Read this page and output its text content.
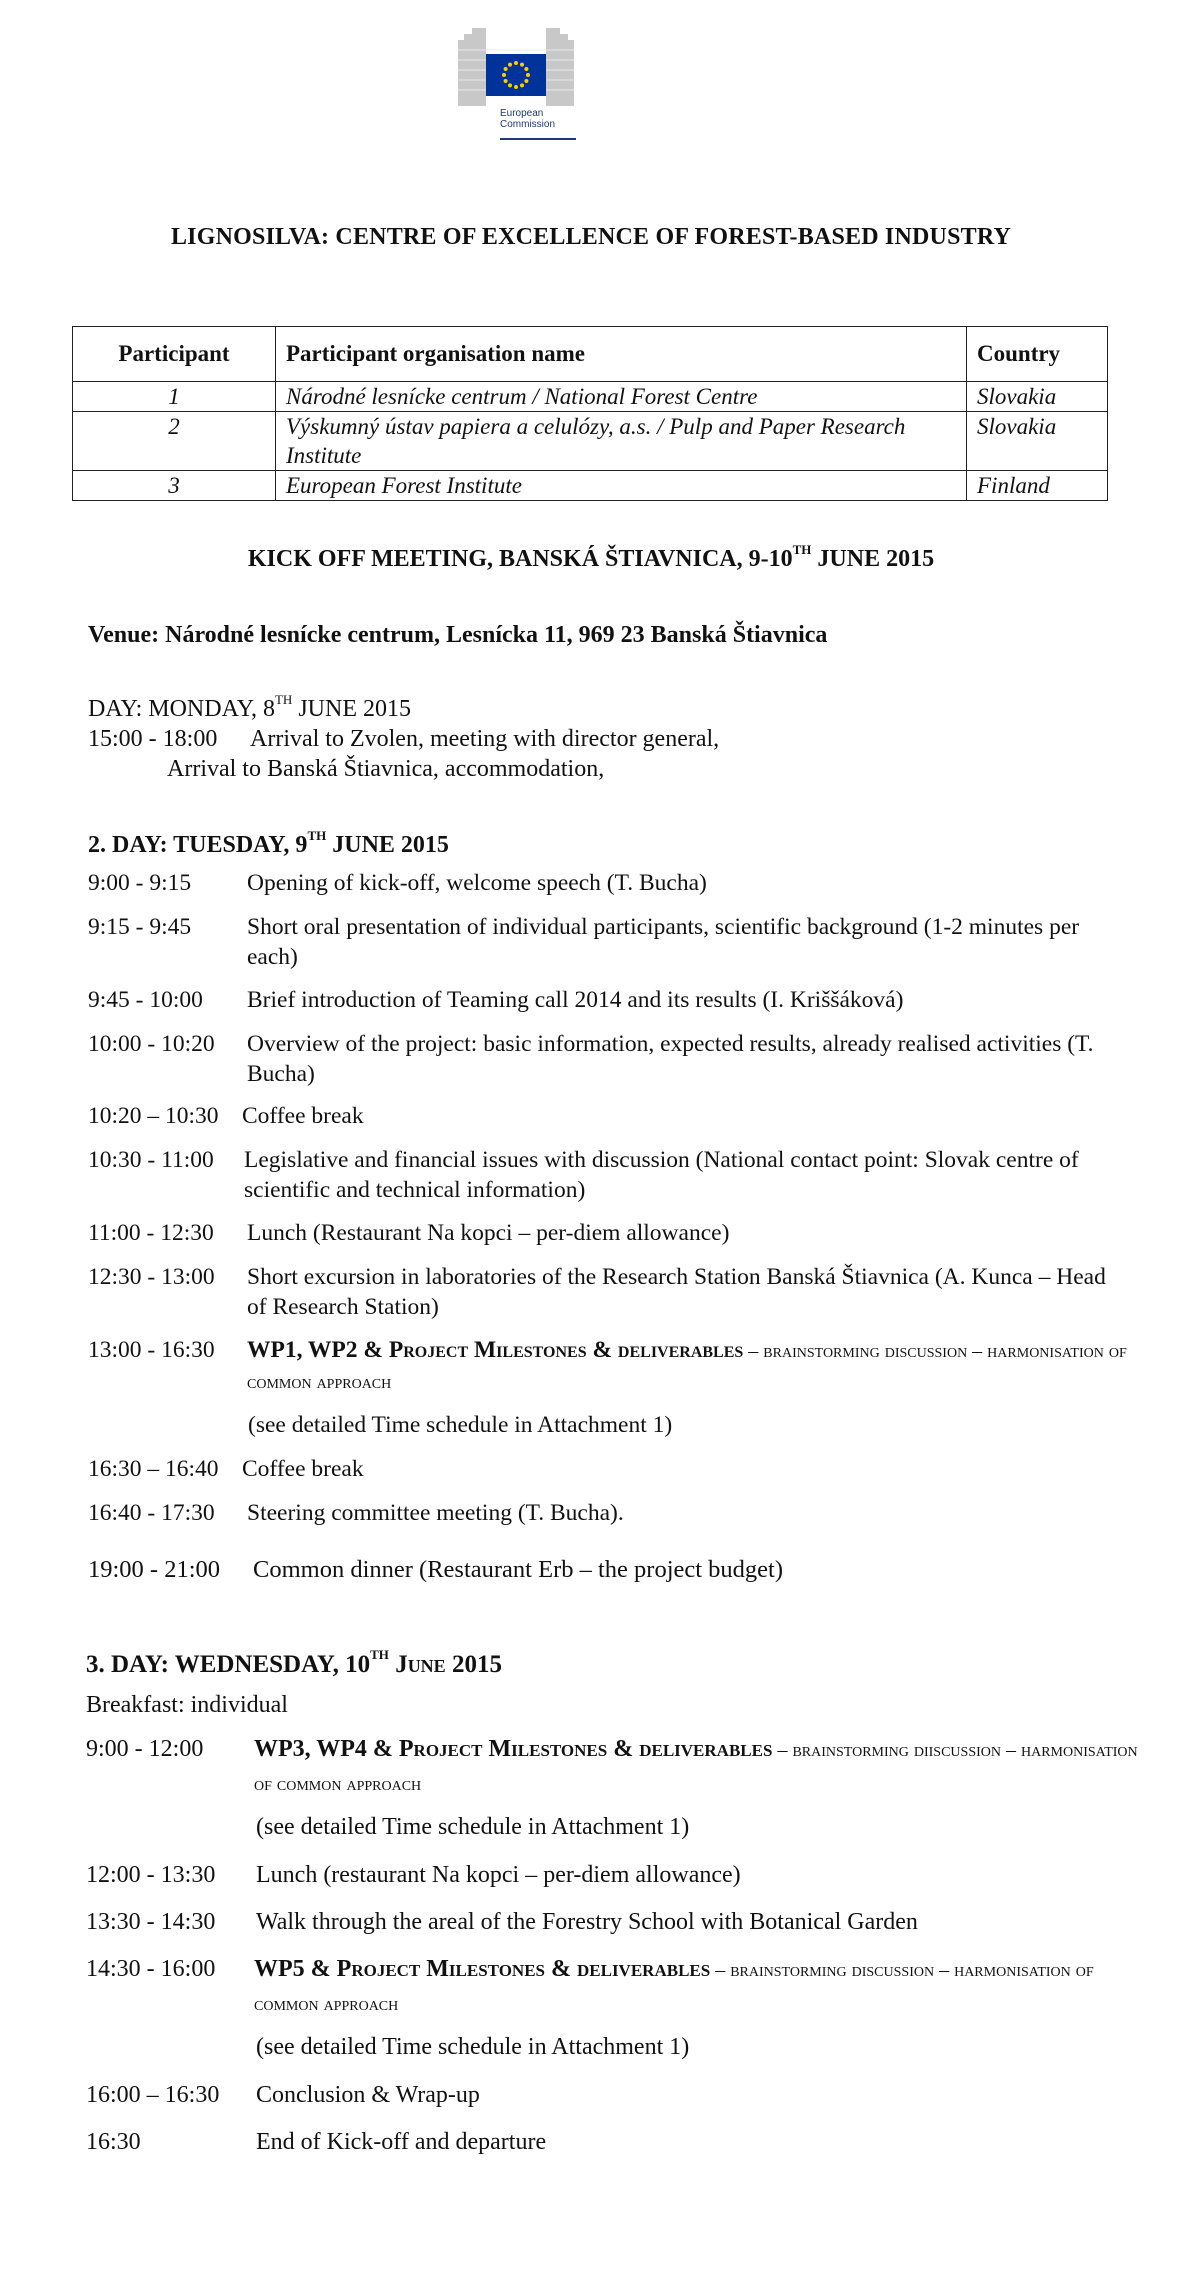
European
Commission
LIGNOSILVA: CENTRE OF EXCELLENCE OF FOREST-BASED INDUSTRY
Participant	Participant organisation name	Country
1	Národné lesnícke centrum / National Forest Centre	Slovakia
2	Výskumný ústav papiera a celulózy, a.s. / Pulp and Paper Research Institute	Slovakia
3	European Forest Institute	Finland
KICK OFF MEETING, BANSKÁ ŠTIAVNICA, 9-10TH JUNE 2015
Venue: Národné lesnícke centrum, Lesnícka 11, 969 23 Banská Štiavnica
DAY: MONDAY, 8TH JUNE 2015
15:00 - 18:00 Arrival to Zvolen, meeting with director general,
Arrival to Banská Štiavnica, accommodation,
2. DAY: TUESDAY, 9TH JUNE 2015
9:00 - 9:15 Opening of kick-off, welcome speech (T. Bucha)
9:15 - 9:45 Short oral presentation of individual participants, scientific background (1-2 minutes per each)
9:45 - 10:00 Brief introduction of Teaming call 2014 and its results (I. Kriššáková)
10:00 - 10:20 Overview of the project: basic information, expected results, already realised activities (T. Bucha)
10:20 – 10:30 Coffee break
10:30 - 11:00 Legislative and financial issues with discussion (National contact point: Slovak centre of scientific and technical information)
11:00 - 12:30 Lunch (Restaurant Na kopci – per-diem allowance)
12:30 - 13:00 Short excursion in laboratories of the Research Station Banská Štiavnica (A. Kunca – Head of Research Station)
13:00 - 16:30 WP1, WP2 & Project Milestones & deliverables – brainstorming discussion – harmonisation of common approach
(see detailed Time schedule in Attachment 1)
16:30 – 16:40 Coffee break
16:40 - 17:30 Steering committee meeting (T. Bucha).
19:00 - 21:00 Common dinner (Restaurant Erb – the project budget)
3. DAY: WEDNESDAY, 10TH June 2015
Breakfast: individual
9:00 - 12:00 WP3, WP4 & Project Milestones & deliverables – brainstorming diiscussion – harmonisation of common approach
(see detailed Time schedule in Attachment 1)
12:00 - 13:30 Lunch (restaurant Na kopci – per-diem allowance)
13:30 - 14:30 Walk through the areal of the Forestry School with Botanical Garden
14:30 - 16:00 WP5 & Project Milestones & deliverables – brainstorming discussion – harmonisation of common approach
(see detailed Time schedule in Attachment 1)
16:00 – 16:30 Conclusion & Wrap-up
16:30	End of Kick-off and departure
